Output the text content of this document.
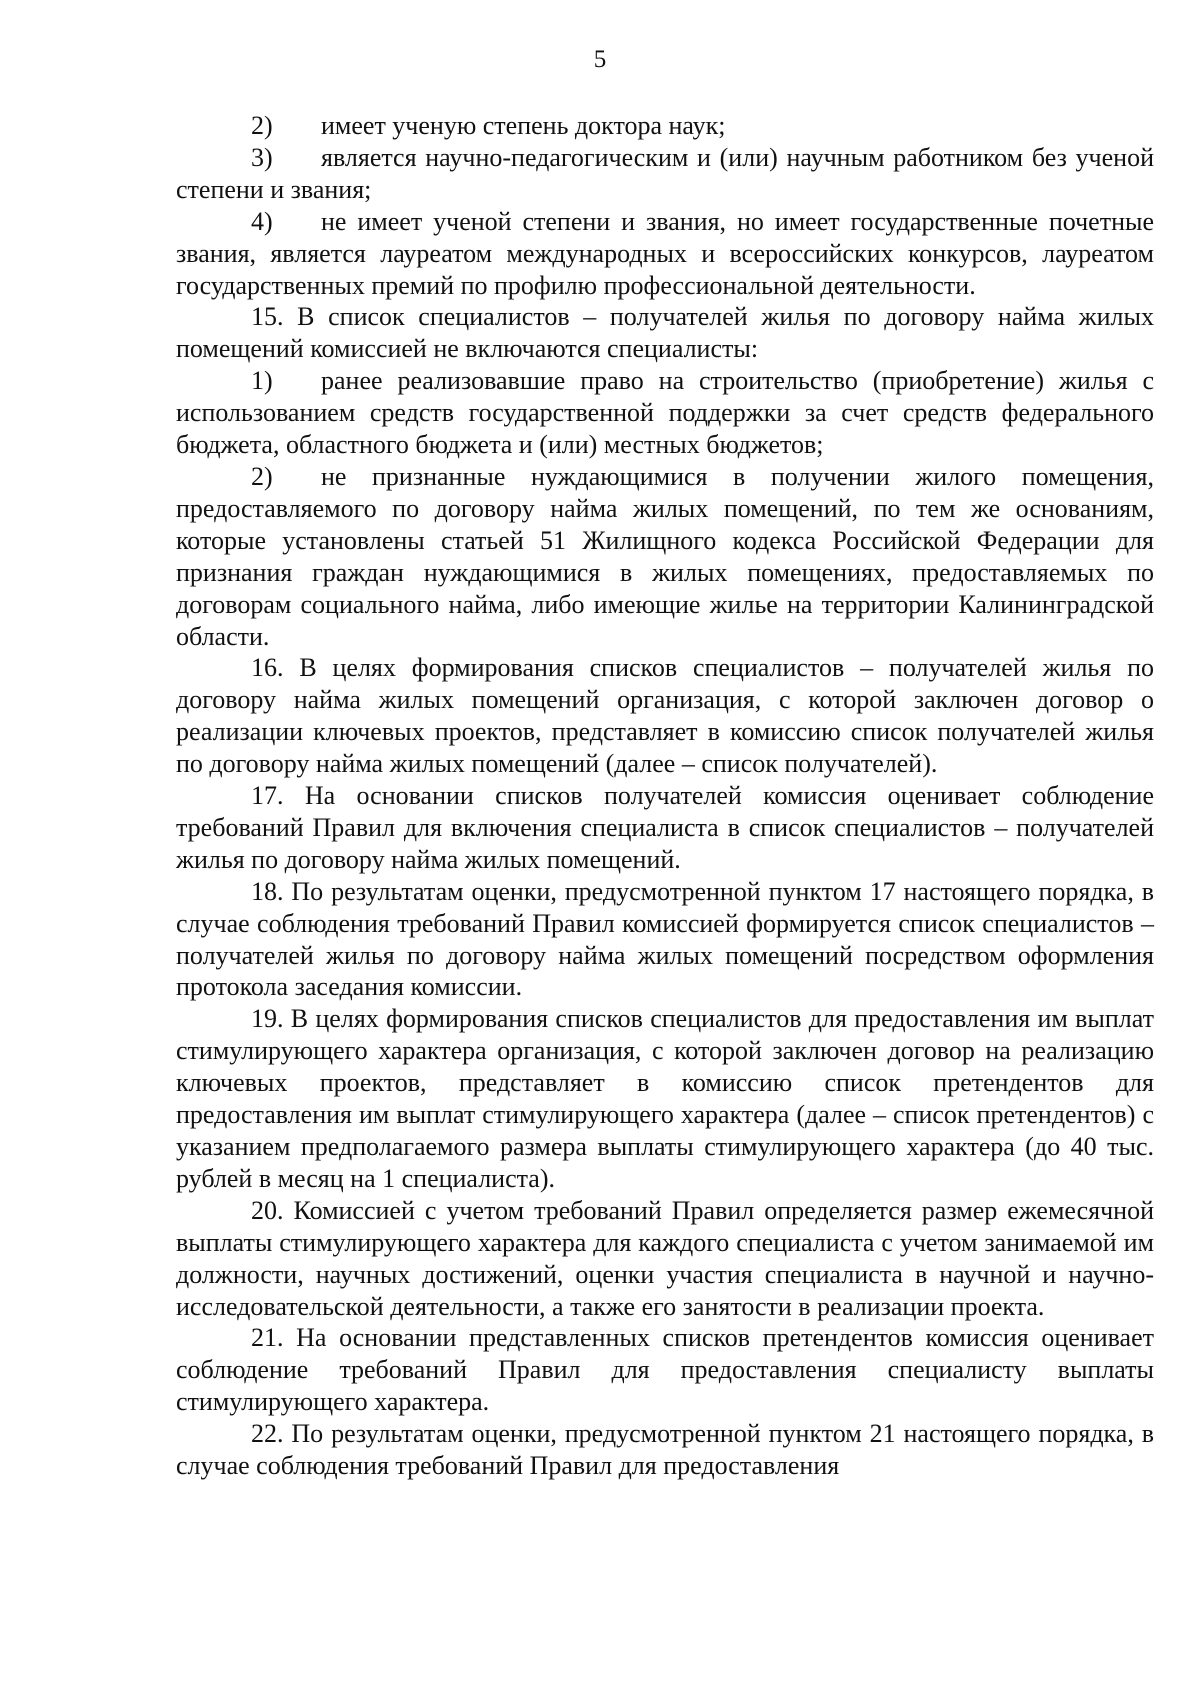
5

2) имеет ученую степень доктора наук;

3) является научно-педагогическим и (или) научным работником без ученой степени и звания;

4) не имеет ученой степени и звания, но имеет государственные почетные звания, является лауреатом международных и всероссийских конкурсов, лауреатом государственных премий по профилю профессиональной деятельности.

15. В список специалистов – получателей жилья по договору найма жилых помещений комиссией не включаются специалисты:

1) ранее реализовавшие право на строительство (приобретение) жилья с использованием средств государственной поддержки за счет средств федерального бюджета, областного бюджета и (или) местных бюджетов;

2) не признанные нуждающимися в получении жилого помещения, предоставляемого по договору найма жилых помещений, по тем же основаниям, которые установлены статьей 51 Жилищного кодекса Российской Федерации для признания граждан нуждающимися в жилых помещениях, предоставляемых по договорам социального найма, либо имеющие жилье на территории Калининградской области.

16. В целях формирования списков специалистов – получателей жилья по договору найма жилых помещений организация, с которой заключен договор о реализации ключевых проектов, представляет в комиссию список получателей жилья по договору найма жилых помещений (далее – список получателей).

17. На основании списков получателей комиссия оценивает соблюдение требований Правил для включения специалиста в список специалистов – получателей жилья по договору найма жилых помещений.

18. По результатам оценки, предусмотренной пунктом 17 настоящего порядка, в случае соблюдения требований Правил комиссией формируется список специалистов – получателей жилья по договору найма жилых помещений посредством оформления протокола заседания комиссии.

19. В целях формирования списков специалистов для предоставления им выплат стимулирующего характера организация, с которой заключен договор на реализацию ключевых проектов, представляет в комиссию список претендентов для предоставления им выплат стимулирующего характера (далее – список претендентов) с указанием предполагаемого размера выплаты стимулирующего характера (до 40 тыс. рублей в месяц на 1 специалиста).

20. Комиссией с учетом требований Правил определяется размер ежемесячной выплаты стимулирующего характера для каждого специалиста с учетом занимаемой им должности, научных достижений, оценки участия специалиста в научной и научно-исследовательской деятельности, а также его занятости в реализации проекта.

21. На основании представленных списков претендентов комиссия оценивает соблюдение требований Правил для предоставления специалисту выплаты стимулирующего характера.

22. По результатам оценки, предусмотренной пунктом 21 настоящего порядка, в случае соблюдения требований Правил для предоставления
